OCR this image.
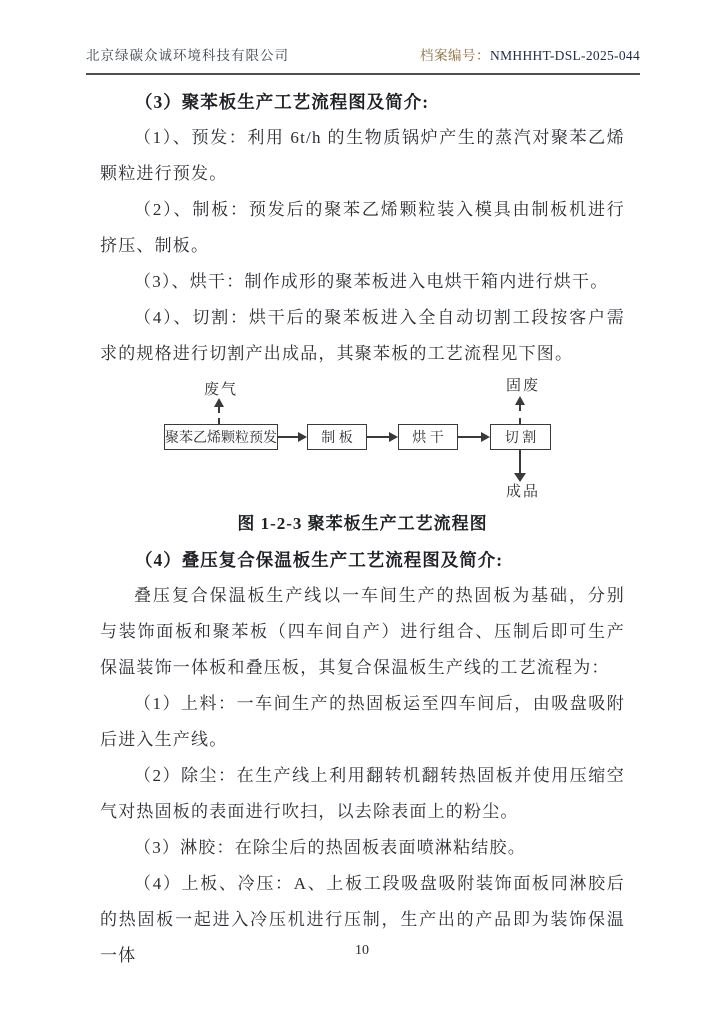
北京绿碳众诚环境科技有限公司	档案编号：NMHHHT-DSL-2025-044
（3）聚苯板生产工艺流程图及简介:

（1）、预发：利用 6t/h 的生物质锅炉产生的蒸汽对聚苯乙烯颗粒进行预发。

（2）、制板：预发后的聚苯乙烯颗粒装入模具由制板机进行挤压、制板。

（3）、烘干：制作成形的聚苯板进入电烘干箱内进行烘干。

（4）、切割：烘干后的聚苯板进入全自动切割工段按客户需求的规格进行切割产出成品，其聚苯板的工艺流程见下图。

废气
聚苯乙烯颗粒预发	制 板	烘 干	切 割
固废
成品
图 1-2-3 聚苯板生产工艺流程图
（4）叠压复合保温板生产工艺流程图及简介:

叠压复合保温板生产线以一车间生产的热固板为基础，分别与装饰面板和聚苯板（四车间自产）进行组合、压制后即可生产保温装饰一体板和叠压板，其复合保温板生产线的工艺流程为：

（1）上料：一车间生产的热固板运至四车间后，由吸盘吸附后进入生产线。

（2）除尘：在生产线上利用翻转机翻转热固板并使用压缩空气对热固板的表面进行吹扫，以去除表面上的粉尘。

（3）淋胶：在除尘后的热固板表面喷淋粘结胶。

（4）上板、冷压：A、上板工段吸盘吸附装饰面板同淋胶后的热固板一起进入冷压机进行压制，生产出的产品即为装饰保温一体	10
